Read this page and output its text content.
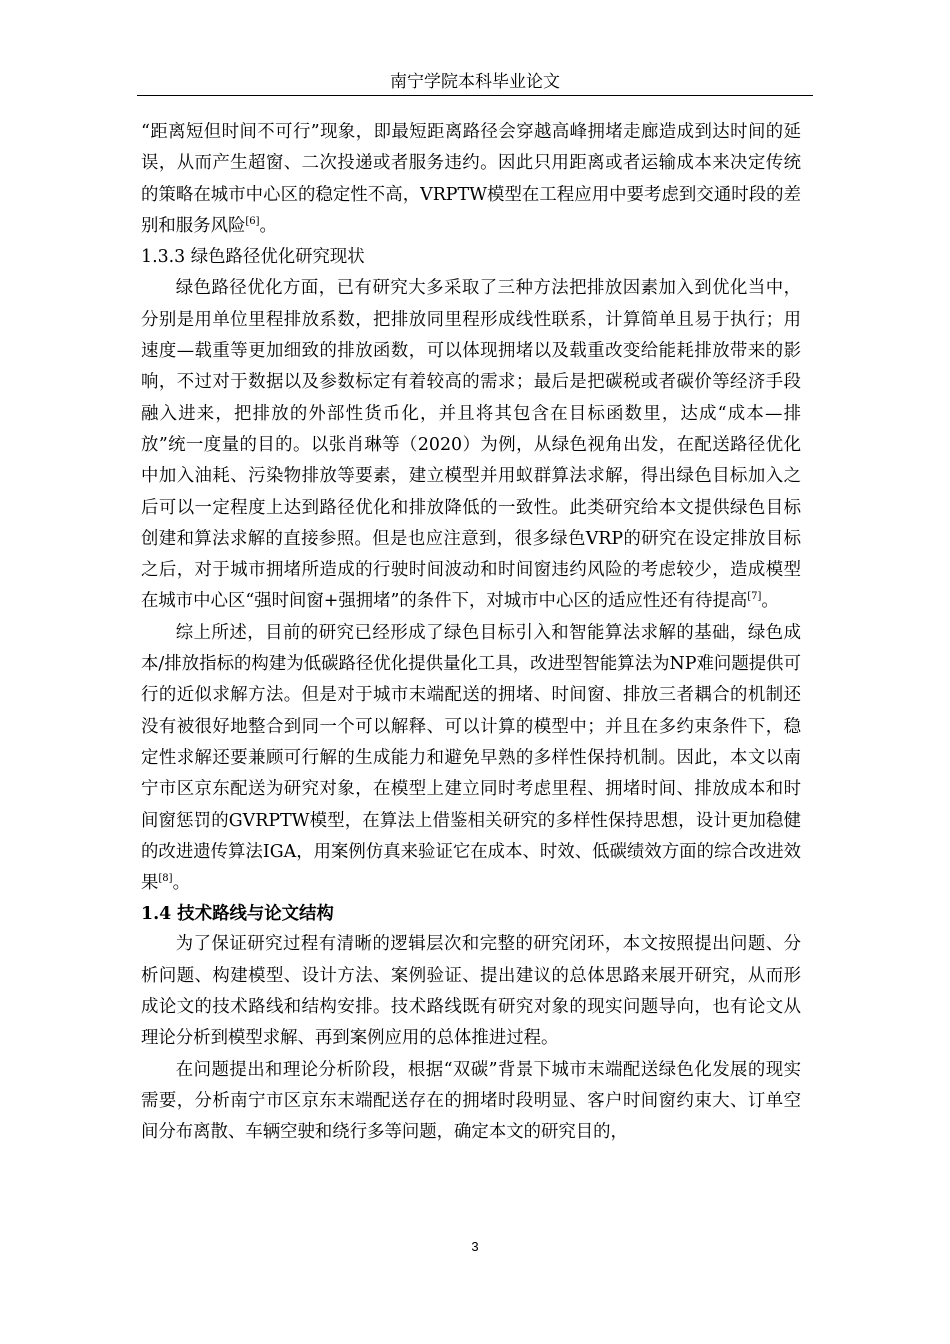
南宁学院本科毕业论文

“距离短但时间不可行”现象，即最短距离路径会穿越高峰拥堵走廊造成到达时间的延误，从而产生超窗、二次投递或者服务违约。因此只用距离或者运输成本来决定传统的策略在城市中心区的稳定性不高，VRPTW模型在工程应用中要考虑到交通时段的差别和服务风险[6]。

1.3.3 绿色路径优化研究现状

绿色路径优化方面，已有研究大多采取了三种方法把排放因素加入到优化当中，分别是用单位里程排放系数，把排放同里程形成线性联系，计算简单且易于执行；用速度—载重等更加细致的排放函数，可以体现拥堵以及载重改变给能耗排放带来的影响，不过对于数据以及参数标定有着较高的需求；最后是把碳税或者碳价等经济手段融入进来，把排放的外部性货币化，并且将其包含在目标函数里，达成“成本—排放”统一度量的目的。以张肖琳等（2020）为例，从绿色视角出发，在配送路径优化中加入油耗、污染物排放等要素，建立模型并用蚁群算法求解，得出绿色目标加入之后可以一定程度上达到路径优化和排放降低的一致性。此类研究给本文提供绿色目标创建和算法求解的直接参照。但是也应注意到，很多绿色VRP的研究在设定排放目标之后，对于城市拥堵所造成的行驶时间波动和时间窗违约风险的考虑较少，造成模型在城市中心区“强时间窗+强拥堵”的条件下，对城市中心区的适应性还有待提高[7]。

综上所述，目前的研究已经形成了绿色目标引入和智能算法求解的基础，绿色成本/排放指标的构建为低碳路径优化提供量化工具，改进型智能算法为NP难问题提供可行的近似求解方法。但是对于城市末端配送的拥堵、时间窗、排放三者耦合的机制还没有被很好地整合到同一个可以解释、可以计算的模型中；并且在多约束条件下，稳定性求解还要兼顾可行解的生成能力和避免早熟的多样性保持机制。因此，本文以南宁市区京东配送为研究对象，在模型上建立同时考虑里程、拥堵时间、排放成本和时间窗惩罚的GVRPTW模型，在算法上借鉴相关研究的多样性保持思想，设计更加稳健的改进遗传算法IGA，用案例仿真来验证它在成本、时效、低碳绩效方面的综合改进效果[8]。

1.4 技术路线与论文结构

为了保证研究过程有清晰的逻辑层次和完整的研究闭环，本文按照提出问题、分析问题、构建模型、设计方法、案例验证、提出建议的总体思路来展开研究，从而形成论文的技术路线和结构安排。技术路线既有研究对象的现实问题导向，也有论文从理论分析到模型求解、再到案例应用的总体推进过程。

在问题提出和理论分析阶段，根据“双碳”背景下城市末端配送绿色化发展的现实需要，分析南宁市区京东末端配送存在的拥堵时段明显、客户时间窗约束大、订单空间分布离散、车辆空驶和绕行多等问题，确定本文的研究目的，

3
